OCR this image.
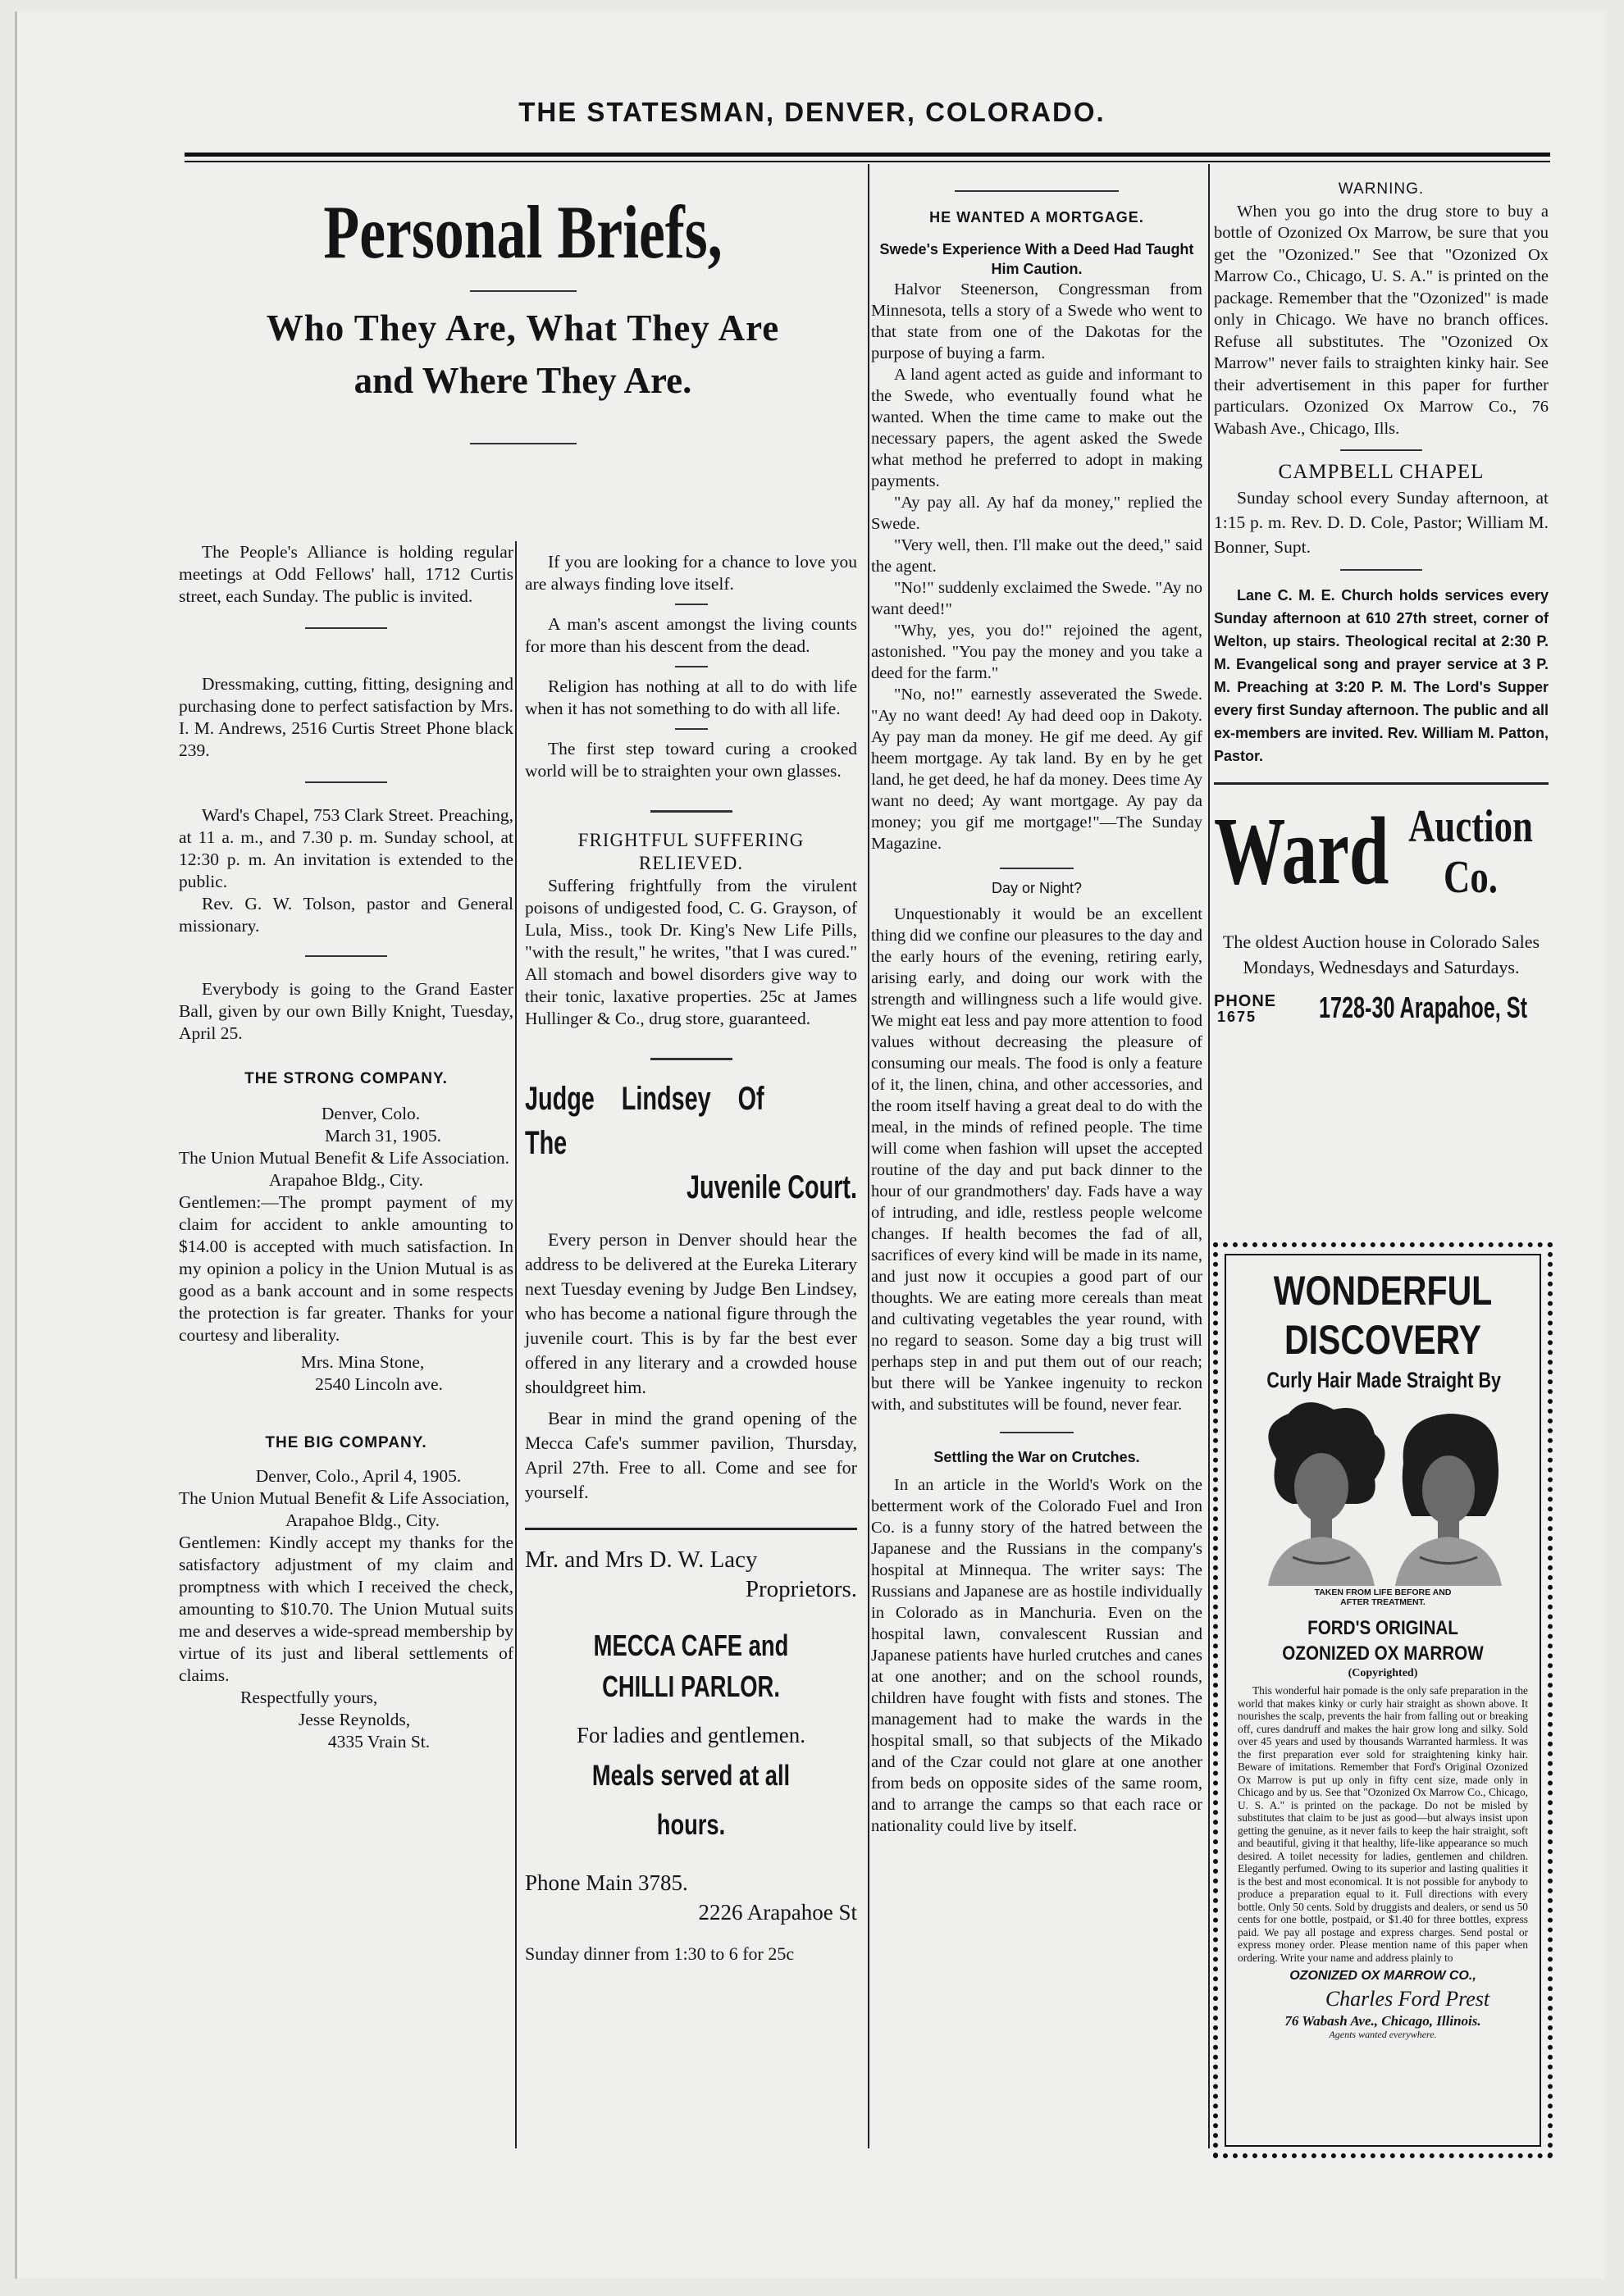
THE STATESMAN, DENVER, COLORADO.
Personal Briefs,
Who They Are, What They Are
and Where They Are.

The People's Alliance is holding regular meetings at Odd Fellows' hall, 1712 Curtis street, each Sunday. The public is invited.

Dressmaking, cutting, fitting, designing and purchasing done to perfect satisfaction by Mrs. I. M. Andrews, 2516 Curtis Street Phone black 239.

Ward's Chapel, 753 Clark Street. Preaching, at 11 a. m., and 7.30 p. m. Sunday school, at 12:30 p. m. An invitation is extended to the public.

Rev. G. W. Tolson, pastor and General missionary.

Everybody is going to the Grand Easter Ball, given by our own Billy Knight, Tuesday, April 25.

THE STRONG COMPANY.

Denver, Colo.

March 31, 1905.

The Union Mutual Benefit & Life Association.

Arapahoe Bldg., City.

Gentlemen:—The prompt payment of my claim for accident to ankle amounting to $14.00 is accepted with much satisfaction. In my opinion a policy in the Union Mutual is as good as a bank account and in some respects the protection is far greater. Thanks for your courtesy and liberality.

Mrs. Mina Stone,

2540 Lincoln ave.

THE BIG COMPANY.

Denver, Colo., April 4, 1905.

The Union Mutual Benefit & Life Association,

Arapahoe Bldg., City.

Gentlemen: Kindly accept my thanks for the satisfactory adjustment of my claim and promptness with which I received the check, amounting to $10.70. The Union Mutual suits me and deserves a wide-spread membership by virtue of its just and liberal settlements of claims.

Respectfully yours,

Jesse Reynolds,

4335 Vrain St.

If you are looking for a chance to love you are always finding love itself.

A man's ascent amongst the living counts for more than his descent from the dead.

Religion has nothing at all to do with life when it has not something to do with all life.

The first step toward curing a crooked world will be to straighten your own glasses.

FRIGHTFUL SUFFERING RELIEVED.

Suffering frightfully from the virulent poisons of undigested food, C. G. Grayson, of Lula, Miss., took Dr. King's New Life Pills, "with the result," he writes, "that I was cured." All stomach and bowel disorders give way to their tonic, laxative properties. 25c at James Hullinger & Co., drug store, guaranteed.

Judge Lindsey Of The
Juvenile Court.

Every person in Denver should hear the address to be delivered at the Eureka Literary next Tuesday evening by Judge Ben Lindsey, who has become a national figure through the juvenile court. This is by far the best ever offered in any literary and a crowded house shouldgreet him.

Bear in mind the grand opening of the Mecca Cafe's summer pavilion, Thursday, April 27th. Free to all. Come and see for yourself.

Mr. and Mrs D. W. Lacy

Proprietors.

MECCA CAFE and CHILLI PARLOR.

For ladies and gentlemen.

Meals served at all hours.

Phone Main 3785.

2226 Arapahoe St

Sunday dinner from 1:30 to 6 for 25c

HE WANTED A MORTGAGE.
Swede's Experience With a Deed Had Taught Him Caution.

Halvor Steenerson, Congressman from Minnesota, tells a story of a Swede who went to that state from one of the Dakotas for the purpose of buying a farm.

A land agent acted as guide and informant to the Swede, who eventually found what he wanted. When the time came to make out the necessary papers, the agent asked the Swede what method he preferred to adopt in making payments.

"Ay pay all. Ay haf da money," replied the Swede.

"Very well, then. I'll make out the deed," said the agent.

"No!" suddenly exclaimed the Swede. "Ay no want deed!"

"Why, yes, you do!" rejoined the agent, astonished. "You pay the money and you take a deed for the farm."

"No, no!" earnestly asseverated the Swede. "Ay no want deed! Ay had deed oop in Dakoty. Ay pay man da money. He gif me deed. Ay gif heem mortgage. Ay tak land. By en by he get land, he get deed, he haf da money. Dees time Ay want no deed; Ay want mortgage. Ay pay da money; you gif me mortgage!"—The Sunday Magazine.

Day or Night?

Unquestionably it would be an excellent thing did we confine our pleasures to the day and the early hours of the evening, retiring early, arising early, and doing our work with the strength and willingness such a life would give. We might eat less and pay more attention to food values without decreasing the pleasure of consuming our meals. The food is only a feature of it, the linen, china, and other accessories, and the room itself having a great deal to do with the meal, in the minds of refined people. The time will come when fashion will upset the accepted routine of the day and put back dinner to the hour of our grandmothers' day. Fads have a way of intruding, and idle, restless people welcome changes. If health becomes the fad of all, sacrifices of every kind will be made in its name, and just now it occupies a good part of our thoughts. We are eating more cereals than meat and cultivating vegetables the year round, with no regard to season. Some day a big trust will perhaps step in and put them out of our reach; but there will be Yankee ingenuity to reckon with, and substitutes will be found, never fear.

Settling the War on Crutches.

In an article in the World's Work on the betterment work of the Colorado Fuel and Iron Co. is a funny story of the hatred between the Japanese and the Russians in the company's hospital at Minnequa. The writer says: The Russians and Japanese are as hostile individually in Colorado as in Manchuria. Even on the hospital lawn, convalescent Russian and Japanese patients have hurled crutches and canes at one another; and on the school rounds, children have fought with fists and stones. The management had to make the wards in the hospital small, so that subjects of the Mikado and of the Czar could not glare at one another from beds on opposite sides of the same room, and to arrange the camps so that each race or nationality could live by itself.

WARNING.

When you go into the drug store to buy a bottle of Ozonized Ox Marrow, be sure that you get the "Ozonized." See that "Ozonized Ox Marrow Co., Chicago, U. S. A." is printed on the package. Remember that the "Ozonized" is made only in Chicago. We have no branch offices. Refuse all substitutes. The "Ozonized Ox Marrow" never fails to straighten kinky hair. See their advertisement in this paper for further particulars. Ozonized Ox Marrow Co., 76 Wabash Ave., Chicago, Ills.

CAMPBELL CHAPEL

Sunday school every Sunday afternoon, at 1:15 p. m. Rev. D. D. Cole, Pastor; William M. Bonner, Supt.

Lane C. M. E. Church holds services every Sunday afternoon at 610 27th street, corner of Welton, up stairs. Theological recital at 2:30 P. M. Evangelical song and prayer service at 3 P. M. Preaching at 3:20 P. M. The Lord's Supper every first Sunday afternoon. The public and all ex-members are invited. Rev. William M. Patton, Pastor.

Ward Auction
Co.

The oldest Auction house in Colorado Sales Mondays, Wednesdays and Saturdays.

PHONE
1675 1728-30 Arapahoe, St
WONDERFUL
DISCOVERY
Curly Hair Made Straight By
TAKEN FROM LIFE BEFORE AND AFTER TREATMENT.
FORD'S ORIGINAL
OZONIZED OX MARROW
(Copyrighted)

This wonderful hair pomade is the only safe preparation in the world that makes kinky or curly hair straight as shown above. It nourishes the scalp, prevents the hair from falling out or breaking off, cures dandruff and makes the hair grow long and silky. Sold over 45 years and used by thousands Warranted harmless. It was the first preparation ever sold for straightening kinky hair. Beware of imitations. Remember that Ford's Original Ozonized Ox Marrow is put up only in fifty cent size, made only in Chicago and by us. See that "Ozonized Ox Marrow Co., Chicago, U. S. A." is printed on the package. Do not be misled by substitutes that claim to be just as good—but always insist upon getting the genuine, as it never fails to keep the hair straight, soft and beautiful, giving it that healthy, life-like appearance so much desired. A toilet necessity for ladies, gentlemen and children. Elegantly perfumed. Owing to its superior and lasting qualities it is the best and most economical. It is not possible for anybody to produce a preparation equal to it. Full directions with every bottle. Only 50 cents. Sold by druggists and dealers, or send us 50 cents for one bottle, postpaid, or $1.40 for three bottles, express paid. We pay all postage and express charges. Send postal or express money order. Please mention name of this paper when ordering. Write your name and address plainly to

OZONIZED OX MARROW CO.,
Charles Ford Prest
76 Wabash Ave., Chicago, Illinois.
Agents wanted everywhere.
